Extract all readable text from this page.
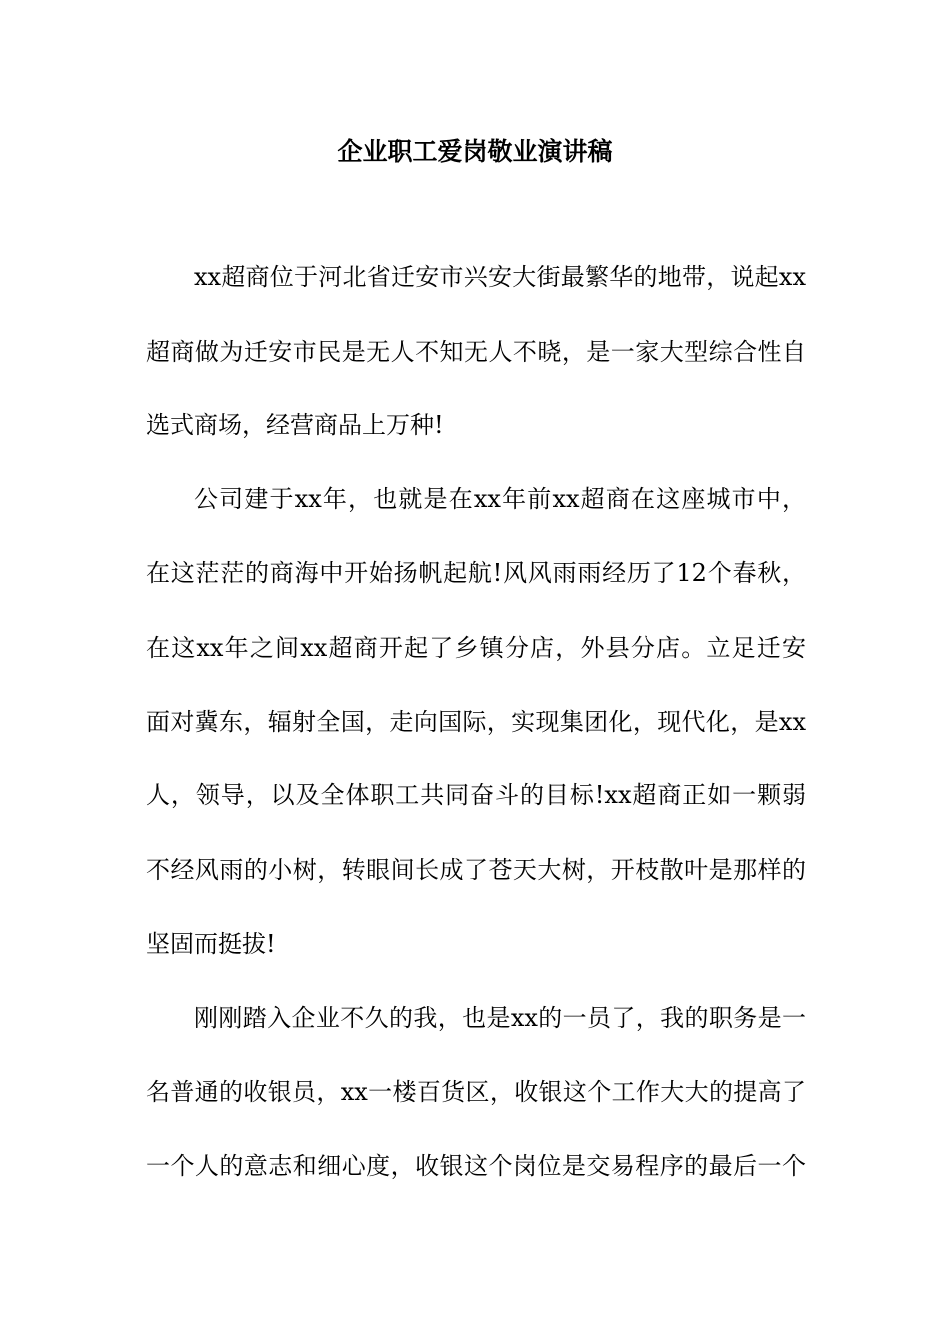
企业职工爱岗敬业演讲稿
xx超商位于河北省迁安市兴安大街最繁华的地带，说起xx
超商做为迁安市民是无人不知无人不晓，是一家大型综合性自
选式商场，经营商品上万种!
公司建于xx年，也就是在xx年前xx超商在这座城市中，
在这茫茫的商海中开始扬帆起航!风风雨雨经历了12个春秋，
在这xx年之间xx超商开起了乡镇分店，外县分店。立足迁安
面对冀东，辐射全国，走向国际，实现集团化，现代化，是xx
人，领导，以及全体职工共同奋斗的目标!xx超商正如一颗弱
不经风雨的小树，转眼间长成了苍天大树，开枝散叶是那样的
坚固而挺拔!
刚刚踏入企业不久的我，也是xx的一员了，我的职务是一
名普通的收银员，xx一楼百货区，收银这个工作大大的提高了
一个人的意志和细心度，收银这个岗位是交易程序的最后一个
